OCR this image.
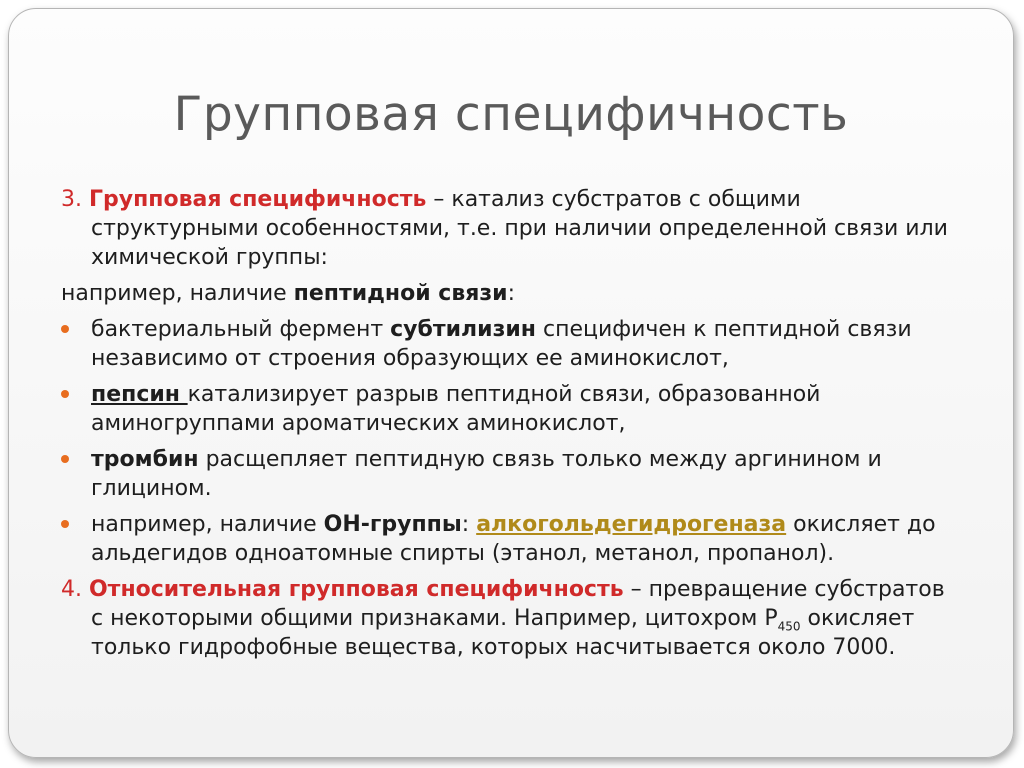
Групповая специфичность
3. Групповая специфичность – катализ субстратов с общими структурными особенностями, т.е. при наличии определенной связи или химической группы:
например, наличие пептидной связи:
бактериальный фермент субтилизин специфичен к пептидной связи независимо от строения образующих ее аминокислот,
пепсин катализирует разрыв пептидной связи, образованной аминогруппами ароматических аминокислот,
тромбин расщепляет пептидную связь только между аргинином и глицином.
например, наличие ОН-группы: алкогольдегидрогеназа окисляет до альдегидов одноатомные спирты (этанол, метанол, пропанол).
4. Относительная групповая специфичность – превращение субстратов с некоторыми общими признаками. Например, цитохром $Р_{450}$ окисляет только гидрофобные вещества, которых насчитывается около 7000.
